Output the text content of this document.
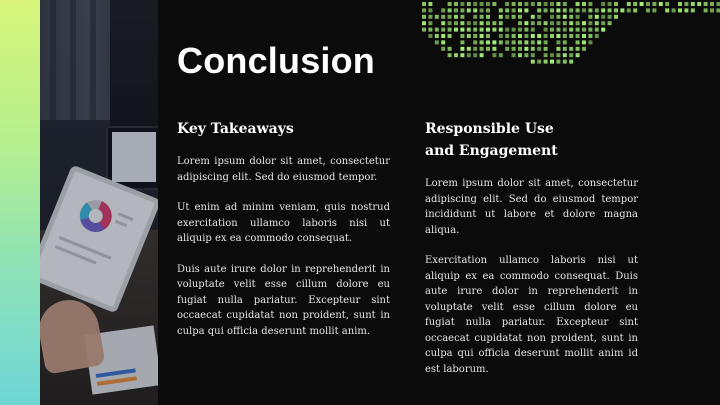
Conclusion
Key Takeaways

Lorem ipsum dolor sit amet, consectetur adipiscing elit. Sed do eiusmod tempor.

Ut enim ad minim veniam, quis nostrud exercitation ullamco laboris nisi ut aliquip ex ea commodo consequat.

Duis aute irure dolor in reprehenderit in voluptate velit esse cillum dolore eu fugiat nulla pariatur. Excepteur sint occaecat cupidatat non proident, sunt in culpa qui officia deserunt mollit anim.

Responsible Use
and Engagement

Lorem ipsum dolor sit amet, consectetur adipiscing elit. Sed do eiusmod tempor incididunt ut labore et dolore magna aliqua.

Exercitation ullamco laboris nisi ut aliquip ex ea commodo consequat. Duis aute irure dolor in reprehenderit in voluptate velit esse cillum dolore eu fugiat nulla pariatur. Excepteur sint occaecat cupidatat non proident, sunt in culpa qui officia deserunt mollit anim id est laborum.
